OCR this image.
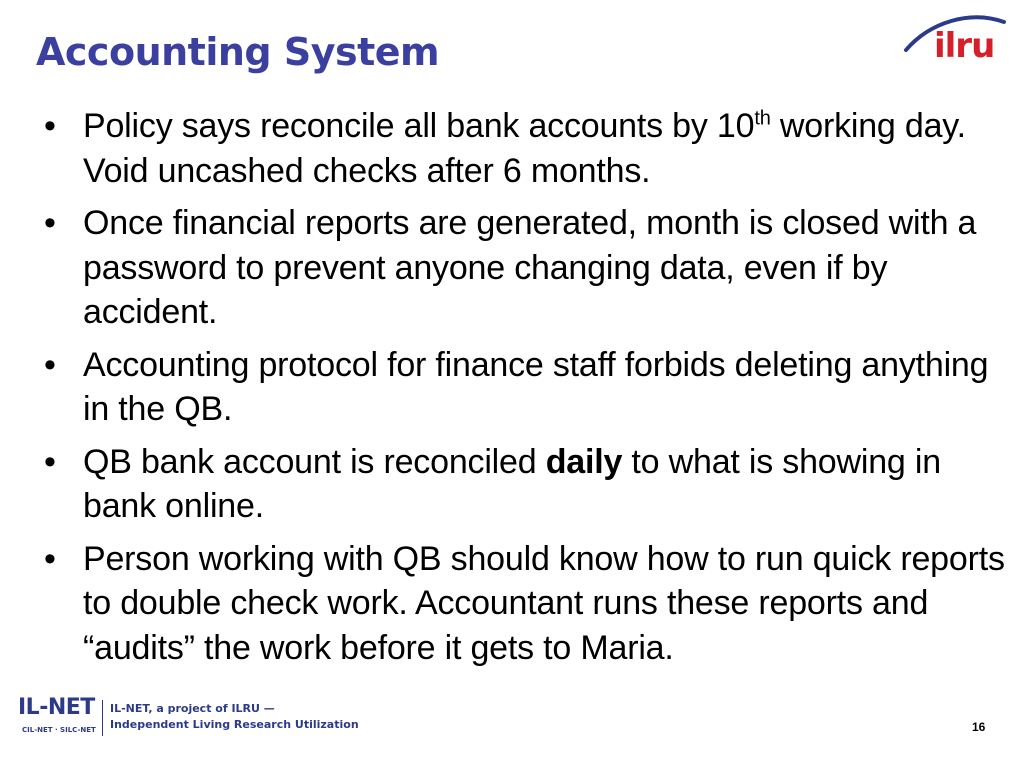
Accounting System	ilru
• Policy says reconcile all bank accounts by 10th working day. Void uncashed checks after 6 months.
• Once financial reports are generated, month is closed with a password to prevent anyone changing data, even if by accident.
• Accounting protocol for finance staff forbids deleting anything in the QB.
• QB bank account is reconciled daily to what is showing in bank online.
• Person working with QB should know how to run quick reports to double check work. Accountant runs these reports and “audits” the work before it gets to Maria.
IL-NET
CIL-NET · SILC-NET
IL-NET, a project of ILRU —
Independent Living Research Utilization	16
